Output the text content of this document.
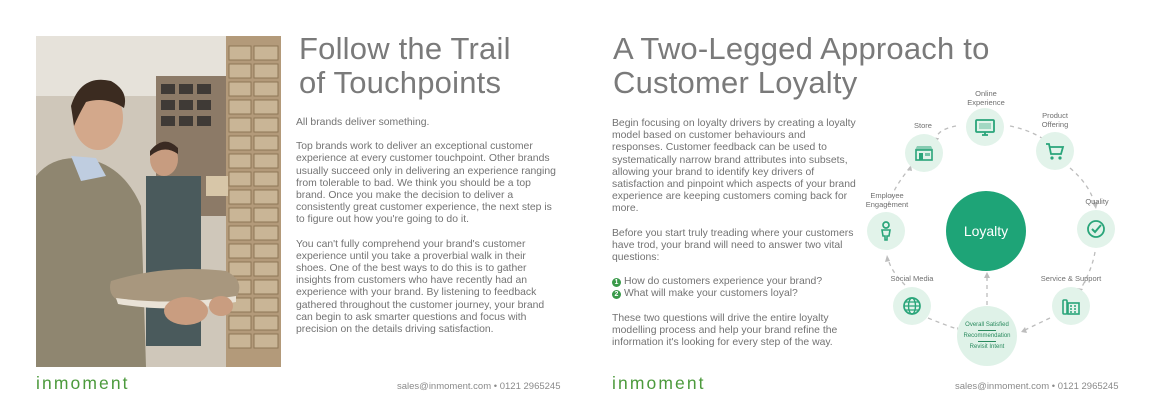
Follow the Trail
of Touchpoints

All brands deliver something.

Top brands work to deliver an exceptional customer experience at every customer touchpoint. Other brands usually succeed only in delivering an experience ranging from tolerable to bad. We think you should be a top brand. Once you make the decision to deliver a consistently great customer experience, the next step is to figure out how you're going to do it.

You can't fully comprehend your brand's customer experience until you take a proverbial walk in their shoes. One of the best ways to do this is to gather insights from customers who have recently had an experience with your brand. By listening to feedback gathered throughout the customer journey, your brand can begin to ask smarter questions and focus with precision on the details driving satisfaction.

inmoment	sales@inmoment.com • 0121 2965245
A Two-Legged Approach to
Customer Loyalty

Begin focusing on loyalty drivers by creating a loyalty model based on customer behaviours and responses. Customer feedback can be used to systematically narrow brand attributes into subsets, allowing your brand to identify key drivers of satisfaction and pinpoint which aspects of your brand experience are keeping customers coming back for more.

Before you start truly treading where your customers have trod, your brand will need to answer two vital questions:

1 How do customers experience your brand?
2 What will make your customers loyal?

These two questions will drive the entire loyalty modelling process and help your brand refine the information it's looking for every step of the way.

inmoment	sales@inmoment.com • 0121 2965245
Loyalty
Online
Experience
Product
Offering
Store
Employee
Engagement	Quality
Social Media	Service & Support
Overall Satisfied
Recommendation
Revisit Intent
